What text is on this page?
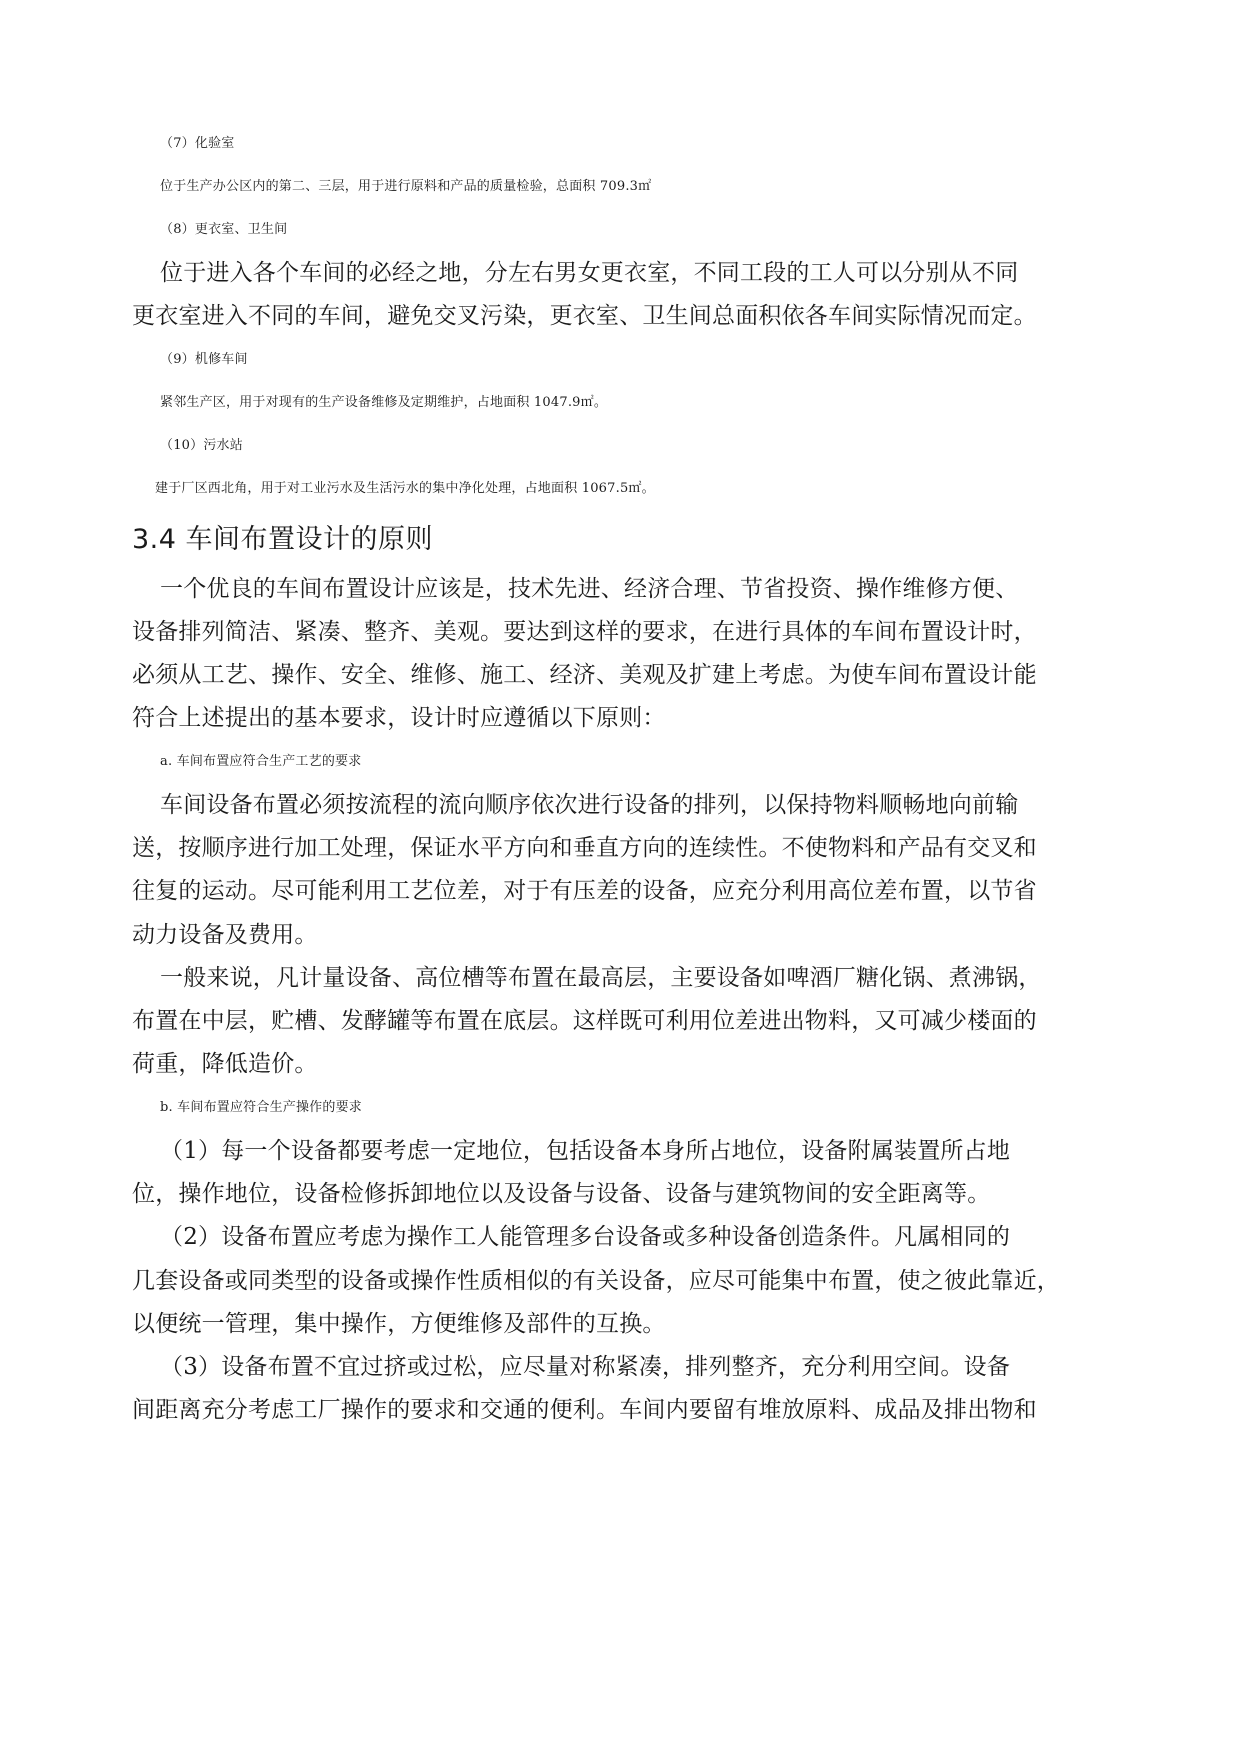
（7）化验室
位于生产办公区内的第二、三层，用于进行原料和产品的质量检验，总面积 709.3㎡
（8）更衣室、卫生间
位于进入各个车间的必经之地，分左右男女更衣室，不同工段的工人可以分别从不同
更衣室进入不同的车间，避免交叉污染，更衣室、卫生间总面积依各车间实际情况而定。
（9）机修车间
紧邻生产区，用于对现有的生产设备维修及定期维护，占地面积 1047.9㎡。
（10）污水站
建于厂区西北角，用于对工业污水及生活污水的集中净化处理，占地面积 1067.5㎡。
3.4 车间布置设计的原则
一个优良的车间布置设计应该是，技术先进、经济合理、节省投资、操作维修方便、
设备排列简洁、紧凑、整齐、美观。要达到这样的要求，在进行具体的车间布置设计时，
必须从工艺、操作、安全、维修、施工、经济、美观及扩建上考虑。为使车间布置设计能
符合上述提出的基本要求，设计时应遵循以下原则：
a. 车间布置应符合生产工艺的要求
车间设备布置必须按流程的流向顺序依次进行设备的排列，以保持物料顺畅地向前输
送，按顺序进行加工处理，保证水平方向和垂直方向的连续性。不使物料和产品有交叉和
往复的运动。尽可能利用工艺位差，对于有压差的设备，应充分利用高位差布置，以节省
动力设备及费用。
一般来说，凡计量设备、高位槽等布置在最高层，主要设备如啤酒厂糖化锅、煮沸锅，
布置在中层，贮槽、发酵罐等布置在底层。这样既可利用位差进出物料，又可减少楼面的
荷重，降低造价。
b. 车间布置应符合生产操作的要求
（1）每一个设备都要考虑一定地位，包括设备本身所占地位，设备附属装置所占地
位，操作地位，设备检修拆卸地位以及设备与设备、设备与建筑物间的安全距离等。
（2）设备布置应考虑为操作工人能管理多台设备或多种设备创造条件。凡属相同的
几套设备或同类型的设备或操作性质相似的有关设备，应尽可能集中布置，使之彼此靠近，
以便统一管理，集中操作，方便维修及部件的互换。
（3）设备布置不宜过挤或过松，应尽量对称紧凑，排列整齐，充分利用空间。设备
间距离充分考虑工厂操作的要求和交通的便利。车间内要留有堆放原料、成品及排出物和
